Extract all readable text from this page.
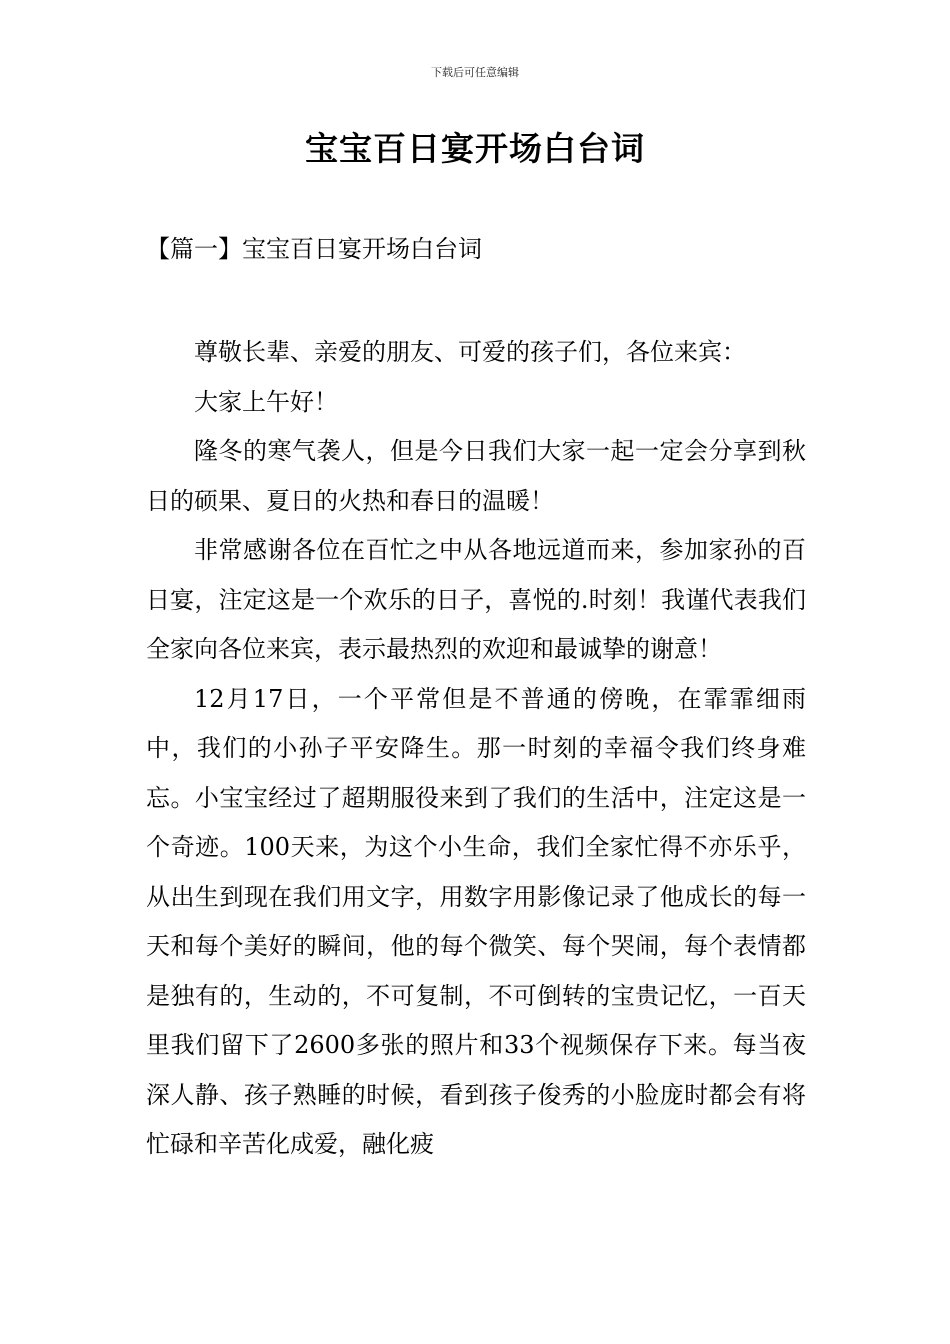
下载后可任意编辑
宝宝百日宴开场白台词
【篇一】宝宝百日宴开场白台词

尊敬长辈、亲爱的朋友、可爱的孩子们，各位来宾：

大家上午好！

隆冬的寒气袭人，但是今日我们大家一起一定会分享到秋日的硕果、夏日的火热和春日的温暖！

非常感谢各位在百忙之中从各地远道而来，参加家孙的百日宴，注定这是一个欢乐的日子，喜悦的.时刻！我谨代表我们全家向各位来宾，表示最热烈的欢迎和最诚挚的谢意！

12月17日，一个平常但是不普通的傍晚，在霏霏细雨中，我们的小孙子平安降生。那一时刻的幸福令我们终身难忘。小宝宝经过了超期服役来到了我们的生活中，注定这是一个奇迹。100天来，为这个小生命，我们全家忙得不亦乐乎，从出生到现在我们用文字，用数字用影像记录了他成长的每一天和每个美好的瞬间，他的每个微笑、每个哭闹，每个表情都是独有的，生动的，不可复制，不可倒转的宝贵记忆，一百天里我们留下了2600多张的照片和33个视频保存下来。每当夜深人静、孩子熟睡的时候，看到孩子俊秀的小脸庞时都会有将忙碌和辛苦化成爱，融化疲
